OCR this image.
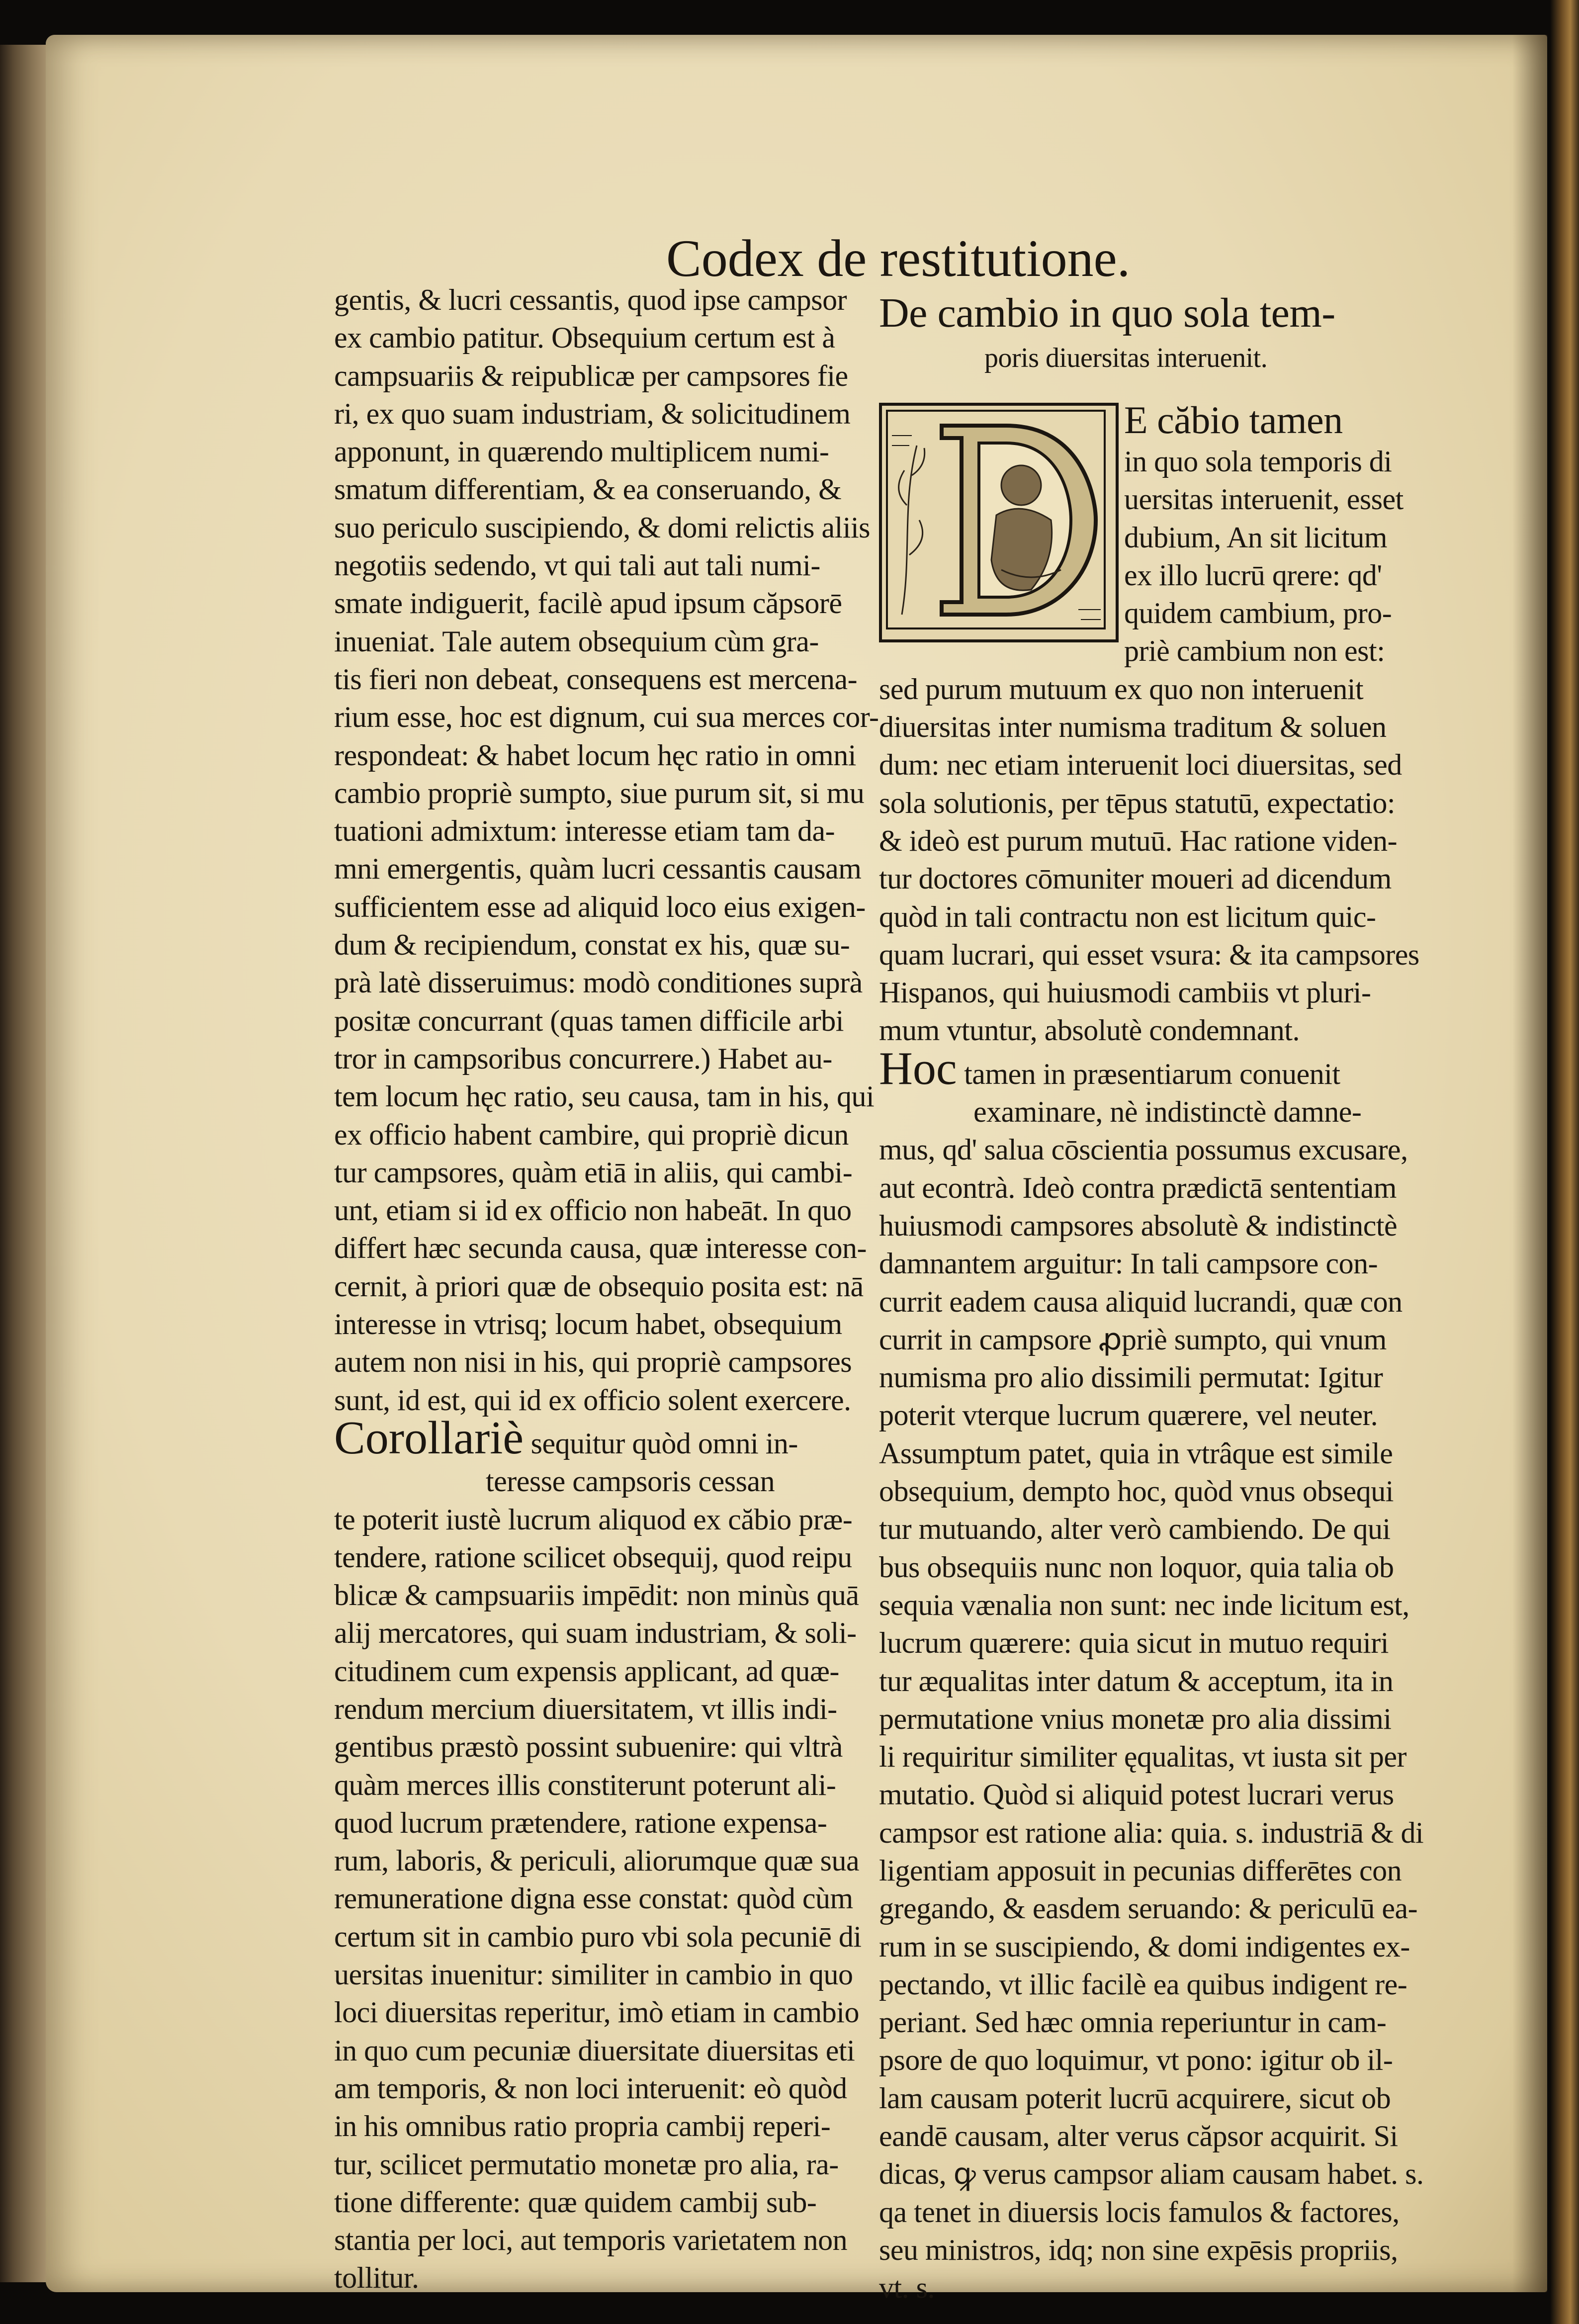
Codex de restitutione.

gentis, & lucri cessantis, quod ipse campsor

ex cambio patitur. Obsequium certum est à

campsuariis & reipublicæ per campsores fie

ri, ex quo suam industriam, & solicitudinem

apponunt, in quærendo multiplicem numi-

smatum differentiam, & ea conseruando, &

suo periculo suscipiendo, & domi relictis aliis

negotiis sedendo, vt qui tali aut tali numi-

smate indiguerit, facilè apud ipsum căpsorē

inueniat. Tale autem obsequium cùm gra-

tis fieri non debeat, consequens est mercena-

rium esse, hoc est dignum, cui sua merces cor-

respondeat: & habet locum hęc ratio in omni

cambio propriè sumpto, siue purum sit, si mu

tuationi admixtum: interesse etiam tam da-

mni emergentis, quàm lucri cessantis causam

sufficientem esse ad aliquid loco eius exigen-

dum & recipiendum, constat ex his, quæ su-

prà latè disseruimus: modò conditiones suprà

positæ concurrant (quas tamen difficile arbi

tror in campsoribus concurrere.) Habet au-

tem locum hęc ratio, seu causa, tam in his, qui

ex officio habent cambire, qui propriè dicun

tur campsores, quàm etiā in aliis, qui cambi-

unt, etiam si id ex officio non habeāt. In quo

differt hæc secunda causa, quæ interesse con-

cernit, à priori quæ de obsequio posita est: nā

interesse in vtrisq; locum habet, obsequium

autem non nisi in his, qui propriè campsores

sunt, id est, qui id ex officio solent exercere.

Corollariè sequitur quòd omni in-

teresse campsoris cessan

te poterit iustè lucrum aliquod ex căbio præ-

tendere, ratione scilicet obsequij, quod reipu

blicæ & campsuariis impēdit: non minùs quā

alij mercatores, qui suam industriam, & soli-

citudinem cum expensis applicant, ad quæ-

rendum mercium diuersitatem, vt illis indi-

gentibus præstò possint subuenire: qui vltrà

quàm merces illis constiterunt poterunt ali-

quod lucrum prætendere, ratione expensa-

rum, laboris, & periculi, aliorumque quæ sua

remuneratione digna esse constat: quòd cùm

certum sit in cambio puro vbi sola pecuniē di

uersitas inuenitur: similiter in cambio in quo

loci diuersitas reperitur, imò etiam in cambio

in quo cum pecuniæ diuersitate diuersitas eti

am temporis, & non loci interuenit: eò quòd

in his omnibus ratio propria cambij reperi-

tur, scilicet permutatio monetæ pro alia, ra-

tione differente: quæ quidem cambij sub-

stantia per loci, aut temporis varietatem non

tollitur.

De cambio in quo sola tem-

poris diuersitas interuenit.

E căbio tamen

in quo sola temporis di

uersitas interuenit, esset

dubium, An sit licitum

ex illo lucrū qrere: qd'

quidem cambium, pro-

priè cambium non est:

sed purum mutuum ex quo non interuenit

diuersitas inter numisma traditum & soluen

dum: nec etiam interuenit loci diuersitas, sed

sola solutionis, per tēpus statutū, expectatio:

& ideò est purum mutuū. Hac ratione viden-

tur doctores cōmuniter moueri ad dicendum

quòd in tali contractu non est licitum quic-

quam lucrari, qui esset vsura: & ita campsores

Hispanos, qui huiusmodi cambiis vt pluri-

mum vtuntur, absolutè condemnant.

Hoc tamen in præsentiarum conuenit

examinare, nè indistinctè damne-

mus, qd' salua cōscientia possumus excusare,

aut econtrà. Ideò contra prædictā sententiam

huiusmodi campsores absolutè & indistinctè

damnantem arguitur: In tali campsore con-

currit eadem causa aliquid lucrandi, quæ con

currit in campsore ꝓpriè sumpto, qui vnum

numisma pro alio dissimili permutat: Igitur

poterit vterque lucrum quærere, vel neuter.

Assumptum patet, quia in vtrâque est simile

obsequium, dempto hoc, quòd vnus obsequi

tur mutuando, alter verò cambiendo. De qui

bus obsequiis nunc non loquor, quia talia ob

sequia vænalia non sunt: nec inde licitum est,

lucrum quærere: quia sicut in mutuo requiri

tur æqualitas inter datum & acceptum, ita in

permutatione vnius monetæ pro alia dissimi

li requiritur similiter ęqualitas, vt iusta sit per

mutatio. Quòd si aliquid potest lucrari verus

campsor est ratione alia: quia. s. industriā & di

ligentiam apposuit in pecunias differētes con

gregando, & easdem seruando: & periculū ea-

rum in se suscipiendo, & domi indigentes ex-

pectando, vt illic facilè ea quibus indigent re-

periant. Sed hæc omnia reperiuntur in cam-

psore de quo loquimur, vt pono: igitur ob il-

lam causam poterit lucrū acquirere, sicut ob

eandē causam, alter verus căpsor acquirit. Si

dicas, ꝙ verus campsor aliam causam habet. s.

qa tenet in diuersis locis famulos & factores,

seu ministros, idq; non sine expēsis propriis,

vt. s.
